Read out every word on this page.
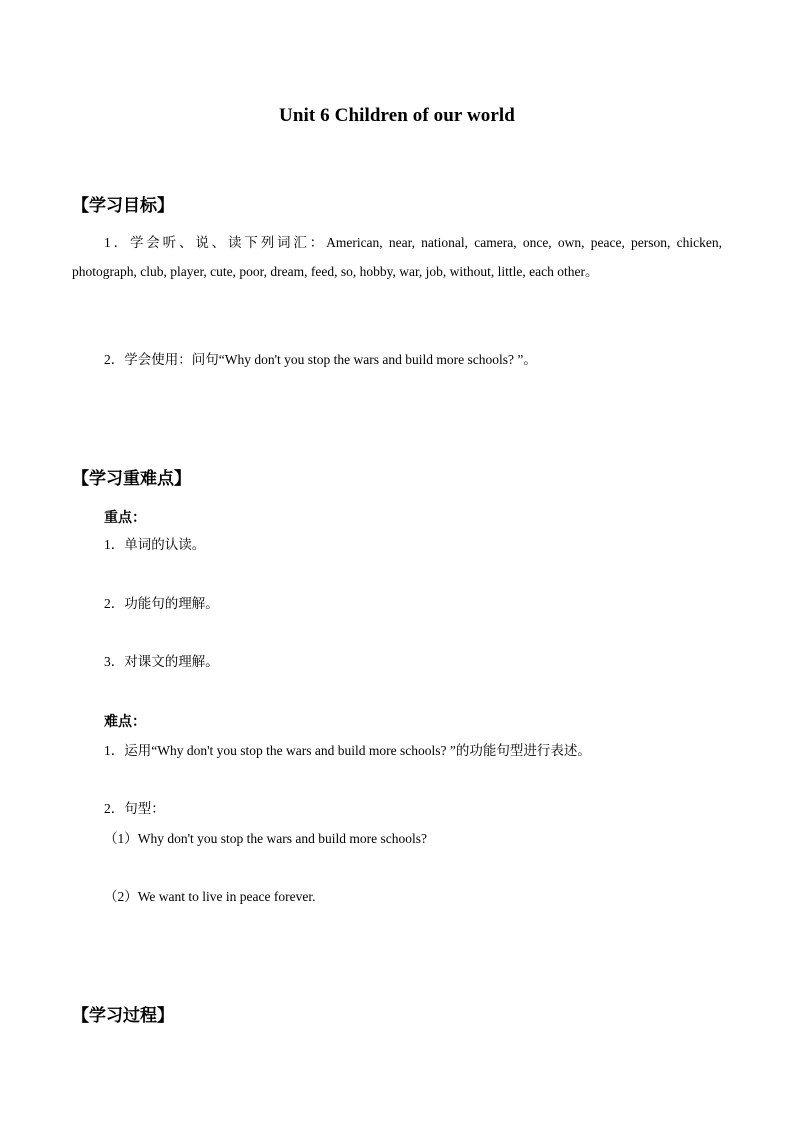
Unit 6 Children of our world
【学习目标】
1．学会听、说、读下列词汇：American, near, national, camera, once, own, peace, person, chicken, photograph, club, player, cute, poor, dream, feed, so, hobby, war, job, without, little, each other。
2．学会使用：问句“Why don't you stop the wars and build more schools? ”。
【学习重难点】
重点：
1．单词的认读。
2．功能句的理解。
3．对课文的理解。
难点：
1．运用“Why don't you stop the wars and build more schools? ”的功能句型进行表述。
2．句型：
（1）Why don't you stop the wars and build more schools?
（2）We want to live in peace forever.
【学习过程】
